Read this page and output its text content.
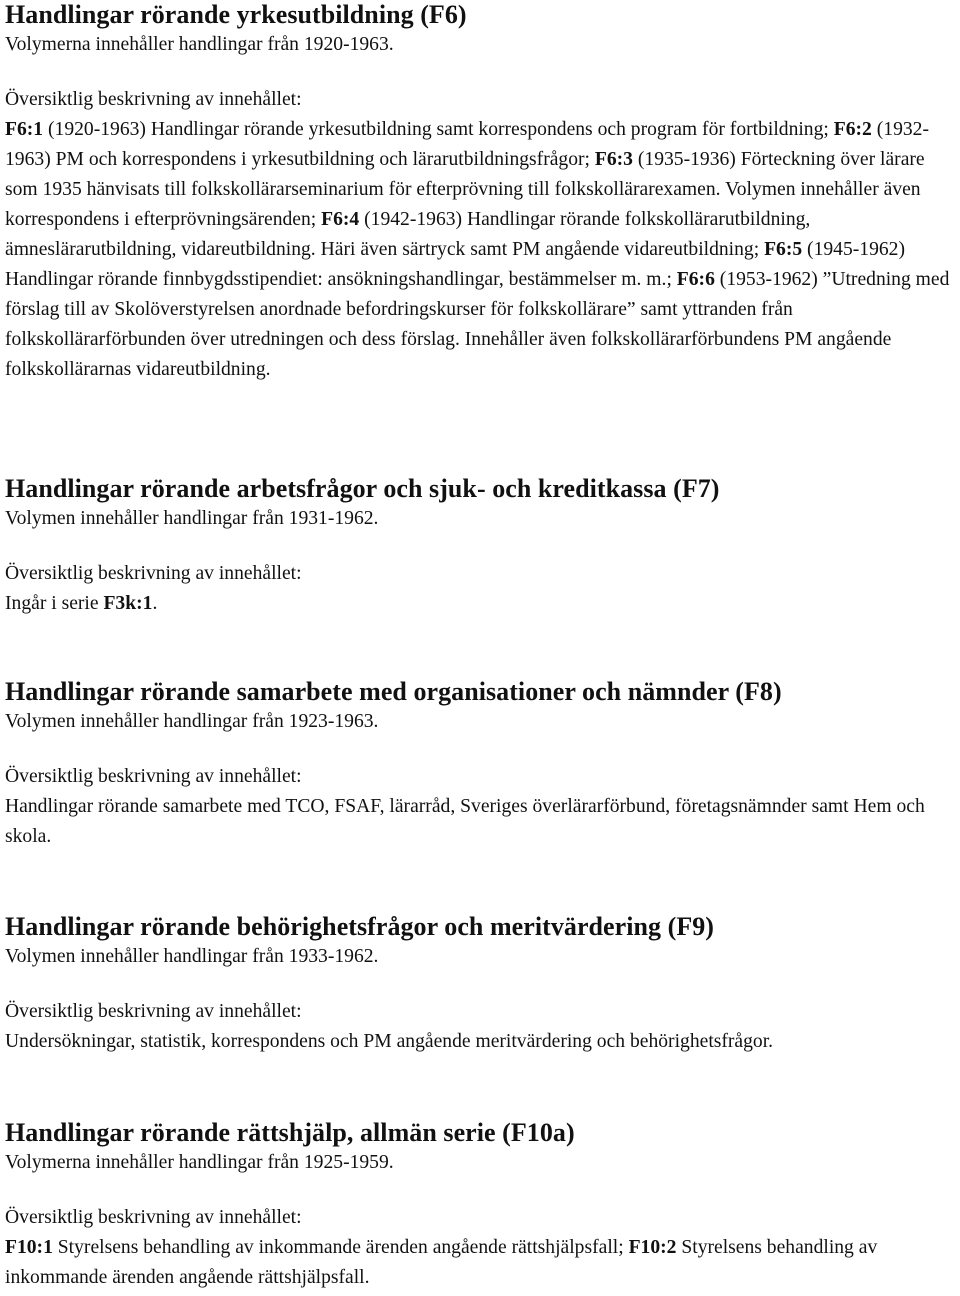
Handlingar rörande yrkesutbildning (F6)

Volymerna innehåller handlingar från 1920-1963.

Översiktlig beskrivning av innehållet:

F6:1 (1920-1963) Handlingar rörande yrkesutbildning samt korrespondens och program för fortbildning; F6:2 (1932-1963) PM och korrespondens i yrkesutbildning och lärarutbildningsfrågor; F6:3 (1935-1936) Förteckning över lärare som 1935 hänvisats till folkskollärarseminarium för efterprövning till folkskollärarexamen. Volymen innehåller även korrespondens i efterprövningsärenden; F6:4 (1942-1963) Handlingar rörande folkskollärarutbildning, ämneslärarutbildning, vidareutbildning. Häri även särtryck samt PM angående vidareutbildning; F6:5 (1945-1962) Handlingar rörande finnbygdsstipendiet: ansökningshandlingar, bestämmelser m. m.; F6:6 (1953-1962) ”Utredning med förslag till av Skolöverstyrelsen anordnade befordringskurser för folkskollärare” samt yttranden från folkskollärarförbunden över utredningen och dess förslag. Innehåller även folkskollärarförbundens PM angående folkskollärarnas vidareutbildning.

Handlingar rörande arbetsfrågor och sjuk- och kreditkassa (F7)

Volymen innehåller handlingar från 1931-1962.

Översiktlig beskrivning av innehållet:

Ingår i serie F3k:1.

Handlingar rörande samarbete med organisationer och nämnder (F8)

Volymen innehåller handlingar från 1923-1963.

Översiktlig beskrivning av innehållet:

Handlingar rörande samarbete med TCO, FSAF, lärarråd, Sveriges överlärarförbund, företagsnämnder samt Hem och skola.

Handlingar rörande behörighetsfrågor och meritvärdering (F9)

Volymen innehåller handlingar från 1933-1962.

Översiktlig beskrivning av innehållet:

Undersökningar, statistik, korrespondens och PM angående meritvärdering och behörighetsfrågor.

Handlingar rörande rättshjälp, allmän serie (F10a)

Volymerna innehåller handlingar från 1925-1959.

Översiktlig beskrivning av innehållet:

F10:1 Styrelsens behandling av inkommande ärenden angående rättshjälpsfall; F10:2 Styrelsens behandling av inkommande ärenden angående rättshjälpsfall.
